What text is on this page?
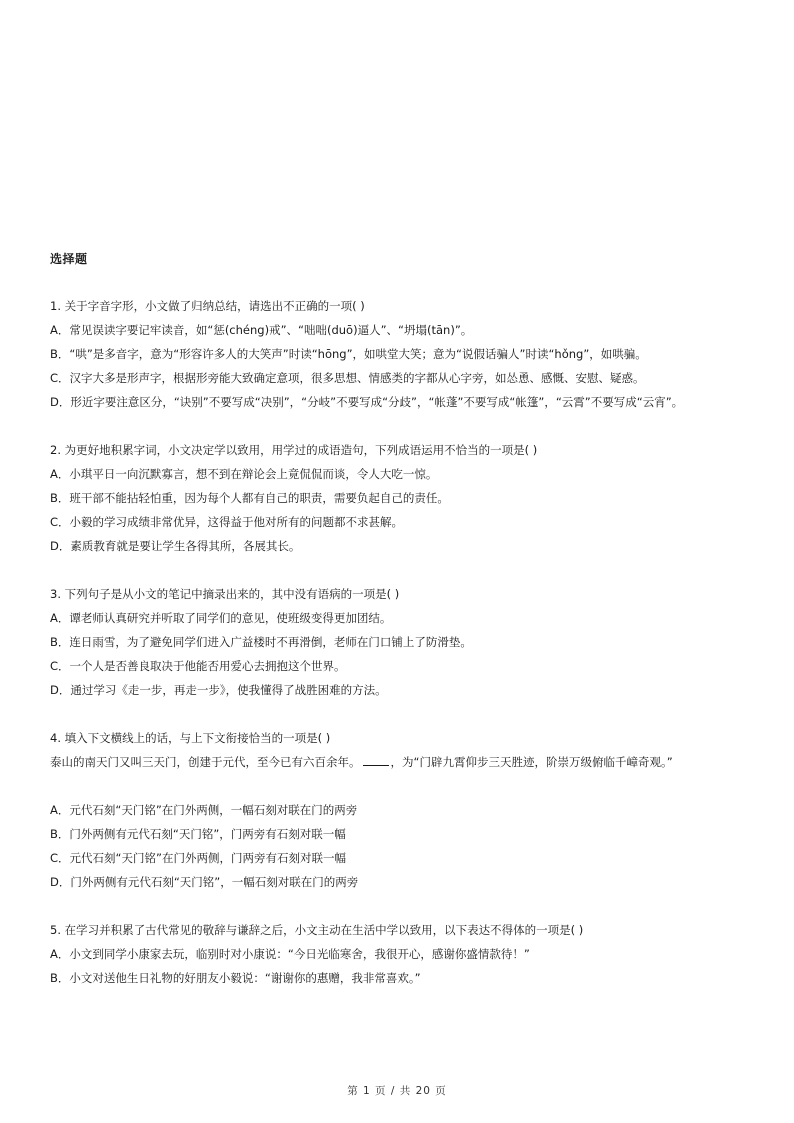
选择题

1. 关于字音字形，小文做了归纳总结，请选出不正确的一项( )

A．常见误读字要记牢读音，如“惩(chéng)戒”、“咄咄(duō)逼人”、“坍塌(tān)”。

B．“哄”是多音字，意为“形容许多人的大笑声”时读“hōng”，如哄堂大笑；意为“说假话骗人”时读“hǒng”，如哄骗。

C．汉字大多是形声字，根据形旁能大致确定意项，很多思想、情感类的字都从心字旁，如怂恿、感慨、安慰、疑惑。

D．形近字要注意区分，“诀别”不要写成“决别”，“分岐”不要写成“分歧”，“帐蓬”不要写成“帐篷”，“云霄”不要写成“云宵”。

2. 为更好地积累字词，小文决定学以致用，用学过的成语造句，下列成语运用不恰当的一项是( )

A．小琪平日一向沉默寡言，想不到在辩论会上竟侃侃而谈，令人大吃一惊。

B．班干部不能拈轻怕重，因为每个人都有自己的职责，需要负起自己的责任。

C．小毅的学习成绩非常优异，这得益于他对所有的问题都不求甚解。

D．素质教育就是要让学生各得其所，各展其长。

3. 下列句子是从小文的笔记中摘录出来的，其中没有语病的一项是( )

A．谭老师认真研究并听取了同学们的意见，使班级变得更加团结。

B．连日雨雪，为了避免同学们进入广益楼时不再滑倒，老师在门口铺上了防滑垫。

C．一个人是否善良取决于他能否用爱心去拥抱这个世界。

D．通过学习《走一步，再走一步》，使我懂得了战胜困难的方法。

4. 填入下文横线上的话，与上下文衔接恰当的一项是( )

泰山的南天门又叫三天门，创建于元代，至今已有六百余年。	，为“门辟九霄仰步三天胜迹，阶崇万级俯临千嶂奇观。”

A．元代石刻“天门铭”在门外两侧，一幅石刻对联在门的两旁

B．门外两侧有元代石刻“天门铭”，门两旁有石刻对联一幅

C．元代石刻“天门铭”在门外两侧，门两旁有石刻对联一幅

D．门外两侧有元代石刻“天门铭”，一幅石刻对联在门的两旁

5. 在学习并积累了古代常见的敬辞与谦辞之后，小文主动在生活中学以致用，以下表达不得体的一项是( )

A．小文到同学小康家去玩，临别时对小康说：“今日光临寒舍，我很开心，感谢你盛情款待！”

B．小文对送他生日礼物的好朋友小毅说：“谢谢你的惠赠，我非常喜欢。”

第 1 页 / 共 20 页
